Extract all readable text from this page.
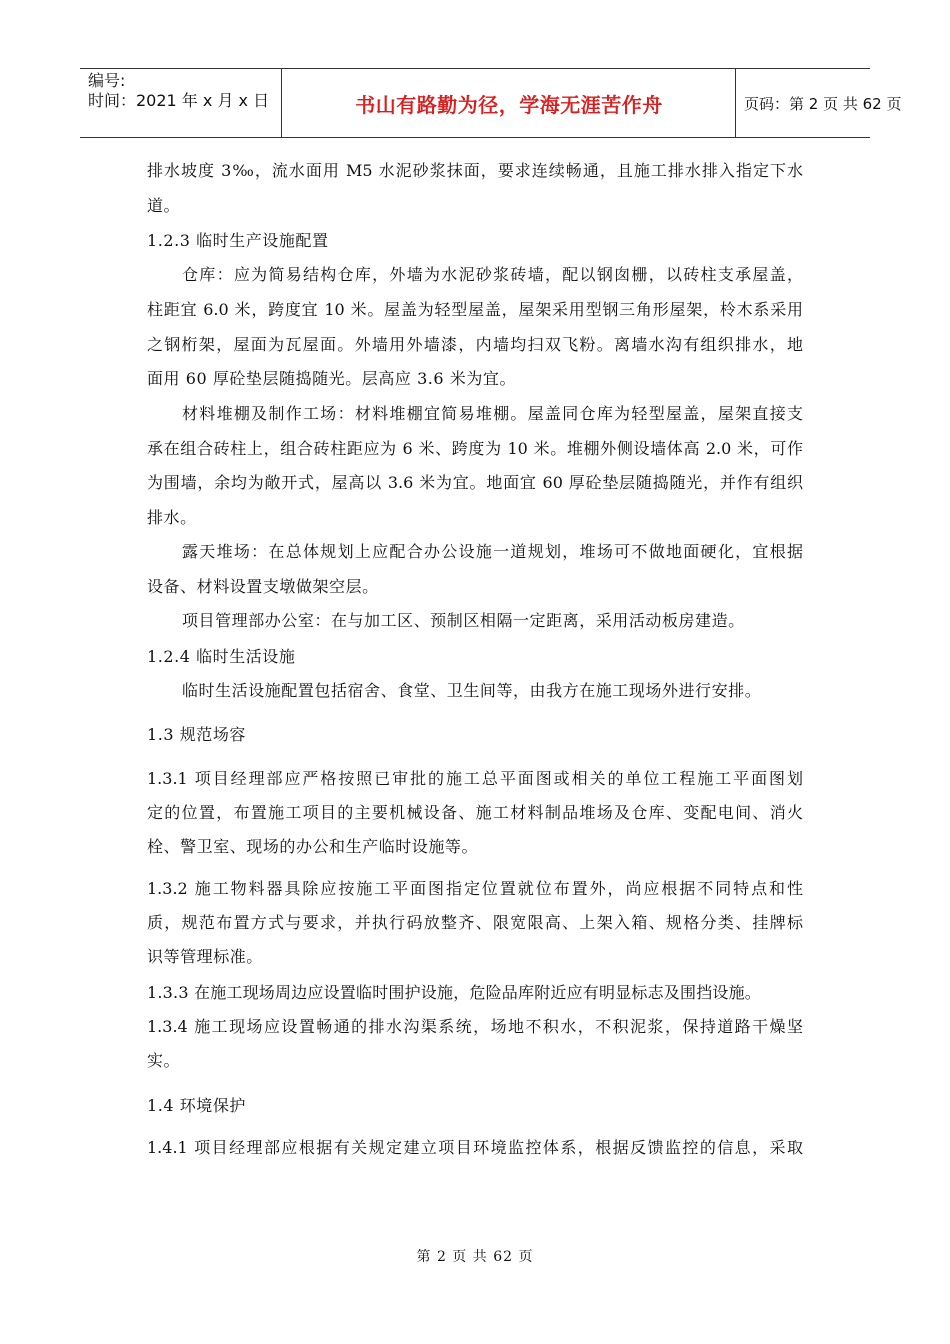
编号:
时间：2021 年 x 月 x 日	书山有路勤为径，学海无涯苦作舟	页码：第 2 页 共 62 页
排水坡度 3‰，流水面用 M5 水泥砂浆抹面，要求连续畅通，且施工排水排入指定下水
道。
1.2.3 临时生产设施配置
仓库：应为简易结构仓库，外墙为水泥砂浆砖墙，配以钢囱栅，以砖柱支承屋盖，
柱距宜 6.0 米，跨度宜 10 米。屋盖为轻型屋盖，屋架采用型钢三角形屋架，柃木系采用
之钢桁架，屋面为瓦屋面。外墙用外墙漆，内墙均扫双飞粉。离墙水沟有组织排水，地
面用 60 厚砼垫层随捣随光。层高应 3.6 米为宜。
材料堆棚及制作工场：材料堆棚宜简易堆棚。屋盖同仓库为轻型屋盖，屋架直接支
承在组合砖柱上，组合砖柱距应为 6 米、跨度为 10 米。堆棚外侧设墙体高 2.0 米，可作
为围墙，余均为敞开式，屋高以 3.6 米为宜。地面宜 60 厚砼垫层随捣随光，并作有组织
排水。
露天堆场：在总体规划上应配合办公设施一道规划，堆场可不做地面硬化，宜根据
设备、材料设置支墩做架空层。
项目管理部办公室：在与加工区、预制区相隔一定距离，采用活动板房建造。
1.2.4 临时生活设施
临时生活设施配置包括宿舍、食堂、卫生间等，由我方在施工现场外进行安排。
1.3 规范场容
1.3.1 项目经理部应严格按照已审批的施工总平面图或相关的单位工程施工平面图划
定的位置，布置施工项目的主要机械设备、施工材料制品堆场及仓库、变配电间、消火
栓、警卫室、现场的办公和生产临时设施等。
1.3.2 施工物料器具除应按施工平面图指定位置就位布置外，尚应根据不同特点和性
质，规范布置方式与要求，并执行码放整齐、限宽限高、上架入箱、规格分类、挂牌标
识等管理标准。
1.3.3 在施工现场周边应设置临时围护设施，危险品库附近应有明显标志及围挡设施。
1.3.4 施工现场应设置畅通的排水沟渠系统，场地不积水，不积泥浆，保持道路干燥坚
实。
1.4 环境保护
1.4.1 项目经理部应根据有关规定建立项目环境监控体系，根据反馈监控的信息，采取
第 2 页 共 62 页
